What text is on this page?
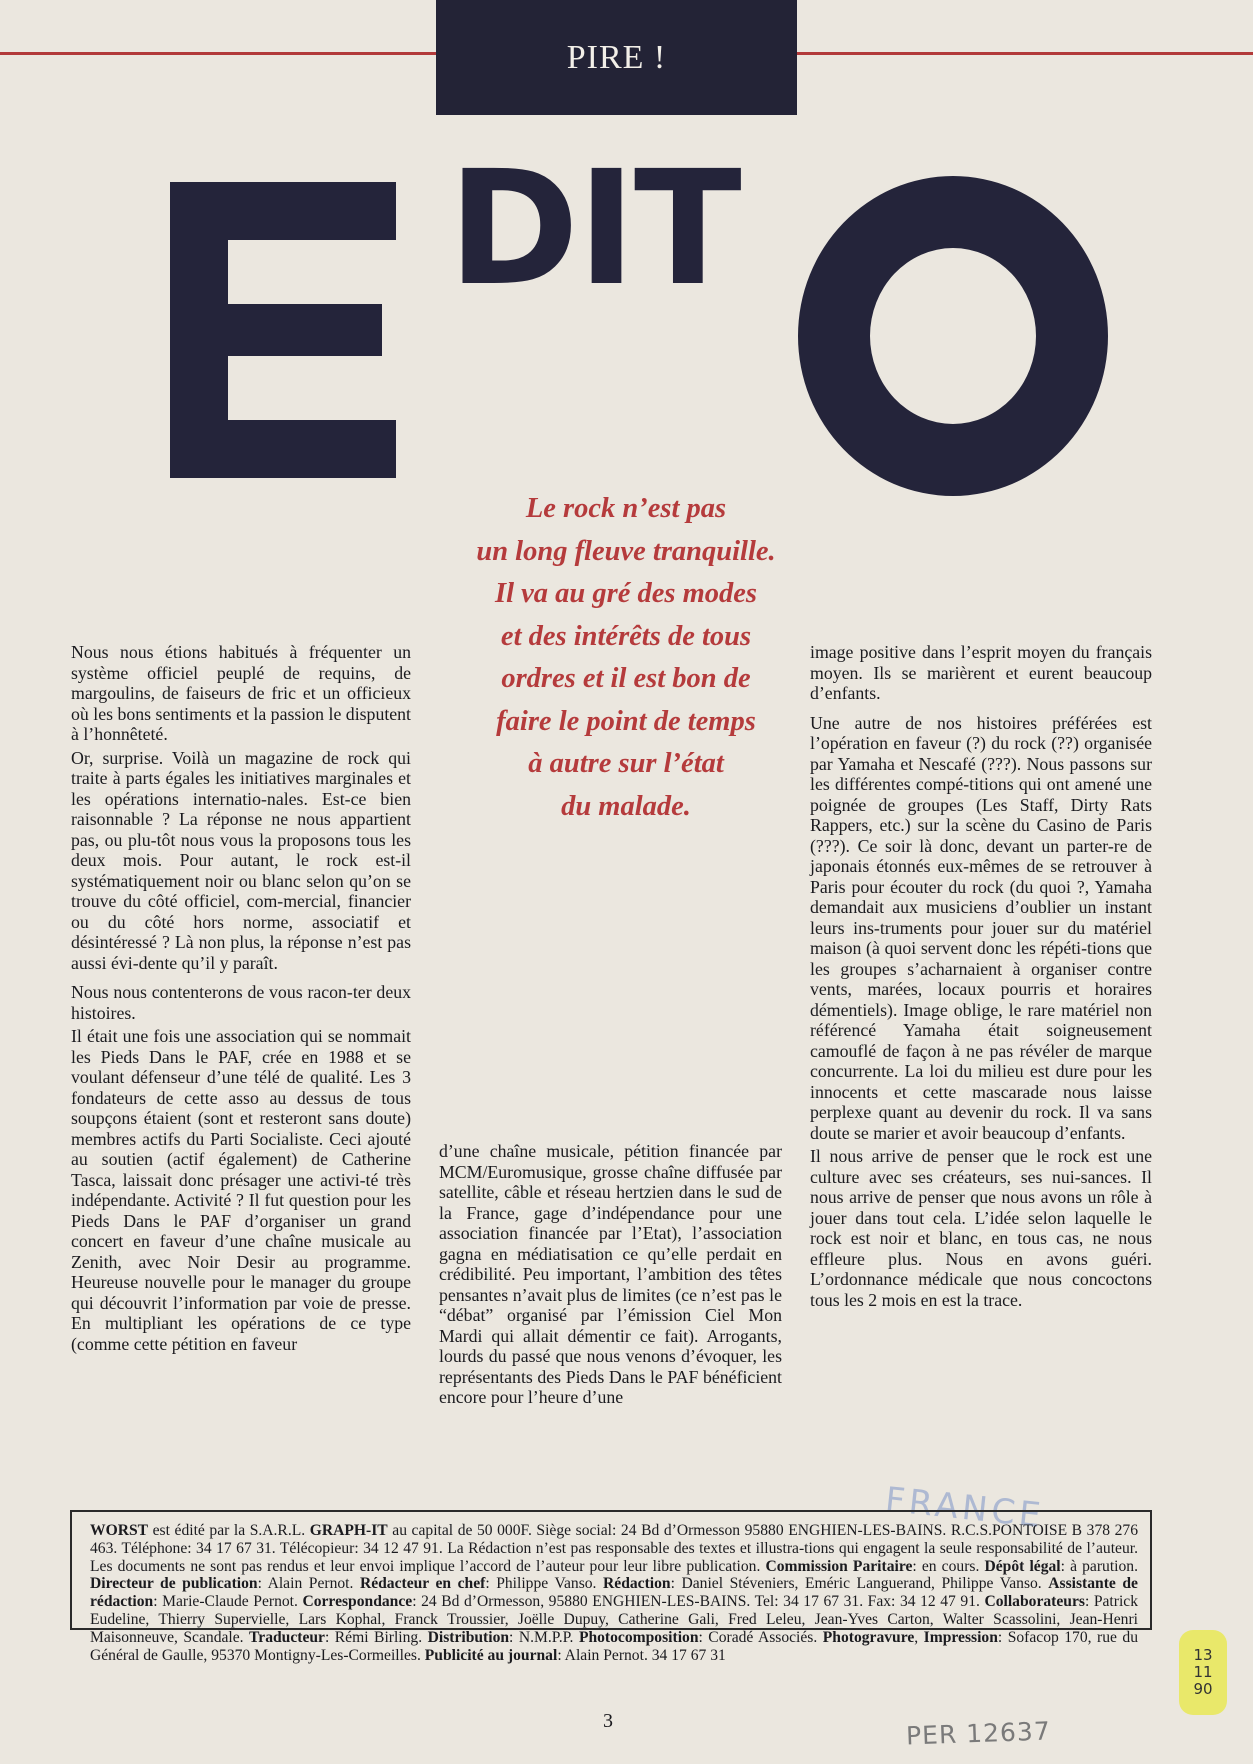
PIRE !
DIT
Le rock n’est pas
un long fleuve tranquille.
Il va au gré des modes
et des intérêts de tous
ordres et il est bon de
faire le point de temps
à autre sur l’état
du malade.

Nous nous étions habitués à fréquenter un système officiel peuplé de requins, de margoulins, de faiseurs de fric et un officieux où les bons sentiments et la passion le disputent à l’honnêteté.

Or, surprise. Voilà un magazine de rock qui traite à parts égales les initiatives marginales et les opérations internatio-nales. Est-ce bien raisonnable ? La réponse ne nous appartient pas, ou plu-tôt nous vous la proposons tous les deux mois. Pour autant, le rock est-il systématiquement noir ou blanc selon qu’on se trouve du côté officiel, com-mercial, financier ou du côté hors norme, associatif et désintéressé ? Là non plus, la réponse n’est pas aussi évi-dente qu’il y paraît.

Nous nous contenterons de vous racon-ter deux histoires.

Il était une fois une association qui se nommait les Pieds Dans le PAF, crée en 1988 et se voulant défenseur d’une télé de qualité. Les 3 fondateurs de cette asso au dessus de tous soupçons étaient (sont et resteront sans doute) membres actifs du Parti Socialiste. Ceci ajouté au soutien (actif également) de Catherine Tasca, laissait donc présager une activi-té très indépendante. Activité ? Il fut question pour les Pieds Dans le PAF d’organiser un grand concert en faveur d’une chaîne musicale au Zenith, avec Noir Desir au programme. Heureuse nouvelle pour le manager du groupe qui découvrit l’information par voie de presse. En multipliant les opérations de ce type (comme cette pétition en faveur

d’une chaîne musicale, pétition financée par MCM/Euromusique, grosse chaîne diffusée par satellite, câble et réseau hertzien dans le sud de la France, gage d’indépendance pour une association financée par l’Etat), l’association gagna en médiatisation ce qu’elle perdait en crédibilité. Peu important, l’ambition des têtes pensantes n’avait plus de limites (ce n’est pas le “débat” organisé par l’émission Ciel Mon Mardi qui allait démentir ce fait). Arrogants, lourds du passé que nous venons d’évoquer, les représentants des Pieds Dans le PAF bénéficient encore pour l’heure d’une

image positive dans l’esprit moyen du français moyen. Ils se marièrent et eurent beaucoup d’enfants.

Une autre de nos histoires préférées est l’opération en faveur (?) du rock (??) organisée par Yamaha et Nescafé (???). Nous passons sur les différentes compé-titions qui ont amené une poignée de groupes (Les Staff, Dirty Rats Rappers, etc.) sur la scène du Casino de Paris (???). Ce soir là donc, devant un parter-re de japonais étonnés eux-mêmes de se retrouver à Paris pour écouter du rock (du quoi ?, Yamaha demandait aux musiciens d’oublier un instant leurs ins-truments pour jouer sur du matériel maison (à quoi servent donc les répéti-tions que les groupes s’acharnaient à organiser contre vents, marées, locaux pourris et horaires démentiels). Image oblige, le rare matériel non référencé Yamaha était soigneusement camouflé de façon à ne pas révéler de marque concurrente. La loi du milieu est dure pour les innocents et cette mascarade nous laisse perplexe quant au devenir du rock. Il va sans doute se marier et avoir beaucoup d’enfants.

Il nous arrive de penser que le rock est une culture avec ses créateurs, ses nui-sances. Il nous arrive de penser que nous avons un rôle à jouer dans tout cela. L’idée selon laquelle le rock est noir et blanc, en tous cas, ne nous effleure plus. Nous en avons guéri. L’ordonnance médicale que nous concoctons tous les 2 mois en est la trace.

FRANCE
WORST est édité par la S.A.R.L. GRAPH-IT au capital de 50 000F. Siège social: 24 Bd d’Ormesson 95880 ENGHIEN-LES-BAINS. R.C.S.PONTOISE B 378 276 463. Téléphone: 34 17 67 31. Télécopieur: 34 12 47 91. La Rédaction n’est pas responsable des textes et illustra-tions qui engagent la seule responsabilité de l’auteur. Les documents ne sont pas rendus et leur envoi implique l’accord de l’auteur pour leur libre publication. Commission Paritaire: en cours. Dépôt légal: à parution. Directeur de publication: Alain Pernot. Rédacteur en chef: Philippe Vanso. Rédaction: Daniel Stéveniers, Eméric Languerand, Philippe Vanso. Assistante de rédaction: Marie-Claude Pernot. Correspondance: 24 Bd d’Ormesson, 95880 ENGHIEN-LES-BAINS. Tel: 34 17 67 31. Fax: 34 12 47 91. Collaborateurs: Patrick Eudeline, Thierry Supervielle, Lars Kophal, Franck Troussier, Joëlle Dupuy, Catherine Gali, Fred Leleu, Jean-Yves Carton, Walter Scassolini, Jean-Henri Maisonneuve, Scandale. Traducteur: Rémi Birling. Distribution: N.M.P.P. Photocomposition: Coradé Associés. Photogravure, Impression: Sofacop 170, rue du Général de Gaulle, 95370 Montigny-Les-Cormeilles. Publicité au journal: Alain Pernot. 34 17 67 31
3	PER 12637
13
11
90
